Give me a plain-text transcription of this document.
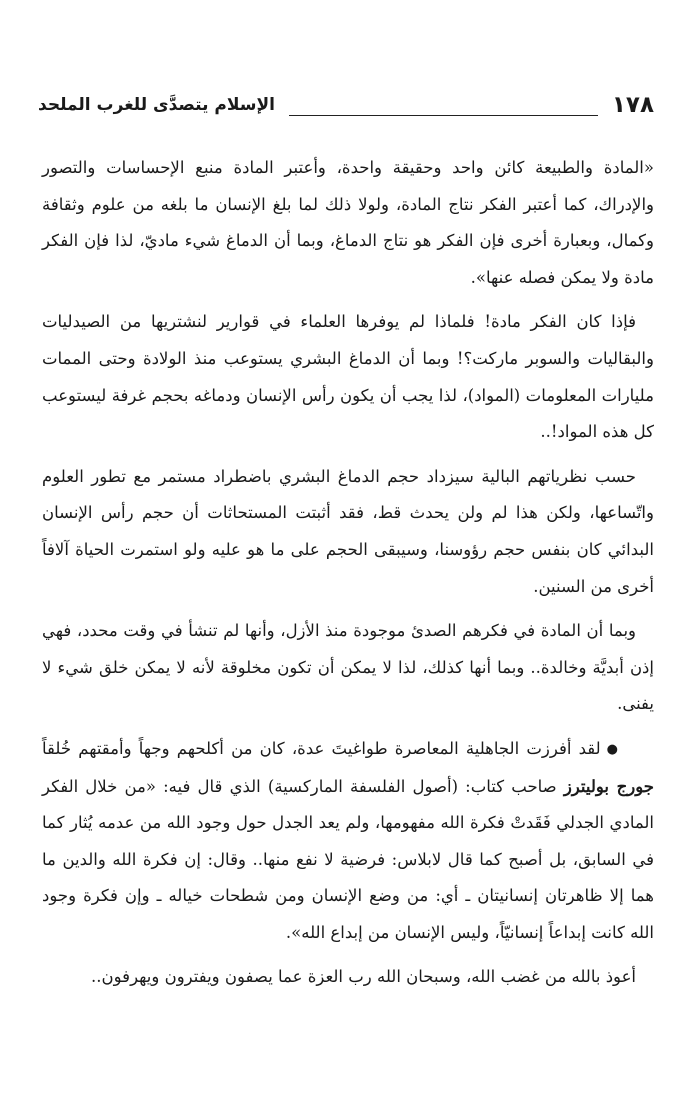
١٧٨
الإسلام يتصدَّى للغرب الملحد

«المادة والطبيعة كائن واحد وحقيقة واحدة، وأعتبر المادة منبع الإحساسات والتصور والإدراك، كما أعتبر الفكر نتاج المادة، ولولا ذلك لما بلغ الإنسان ما بلغه من علوم وثقافة وكمال، وبعبارة أخرى فإن الفكر هو نتاج الدماغ، وبما أن الدماغ شيء ماديّ، لذا فإن الفكر مادة ولا يمكن فصله عنها».

فإذا كان الفكر مادة! فلماذا لم يوفرها العلماء في قوارير لنشتريها من الصيدليات والبقاليات والسوبر ماركت؟! وبما أن الدماغ البشري يستوعب منذ الولادة وحتى الممات مليارات المعلومات (المواد)، لذا يجب أن يكون رأس الإنسان ودماغه بحجم غرفة ليستوعب كل هذه المواد!..

حسب نظرياتهم البالية سيزداد حجم الدماغ البشري باضطراد مستمر مع تطور العلوم واتّساعها، ولكن هذا لم ولن يحدث قط، فقد أثبتت المستحاثات أن حجم رأس الإنسان البدائي كان بنفس حجم رؤوسنا، وسيبقى الحجم على ما هو عليه ولو استمرت الحياة آلافاً أخرى من السنين.

وبما أن المادة في فكرهم الصدئ موجودة منذ الأزل، وأنها لم تنشأ في وقت محدد، فهي إذن أبديَّة وخالدة.. وبما أنها كذلك، لذا لا يمكن أن تكون مخلوقة لأنه لا يمكن خلق شيء لا يفنى.

●لقد أفرزت الجاهلية المعاصرة طواغيتَ عدة، كان من أكلحهم وجهاً وأمقتهم خُلقاً جورج بوليترز صاحب كتاب: (أصول الفلسفة الماركسية) الذي قال فيه: «من خلال الفكر المادي الجدلي فَقَدتْ فكرة الله مفهومها، ولم يعد الجدل حول وجود الله من عدمه يُثار كما في السابق، بل أصبح كما قال لابلاس: فرضية لا نفع منها.. وقال: إن فكرة الله والدين ما هما إلا ظاهرتان إنسانيتان ـ أي: من وضع الإنسان ومن شطحات خياله ـ وإن فكرة وجود الله كانت إبداعاً إنسانيّاً، وليس الإنسان من إبداع الله».

أعوذ بالله من غضب الله، وسبحان الله رب العزة عما يصفون ويفترون ويهرفون..
